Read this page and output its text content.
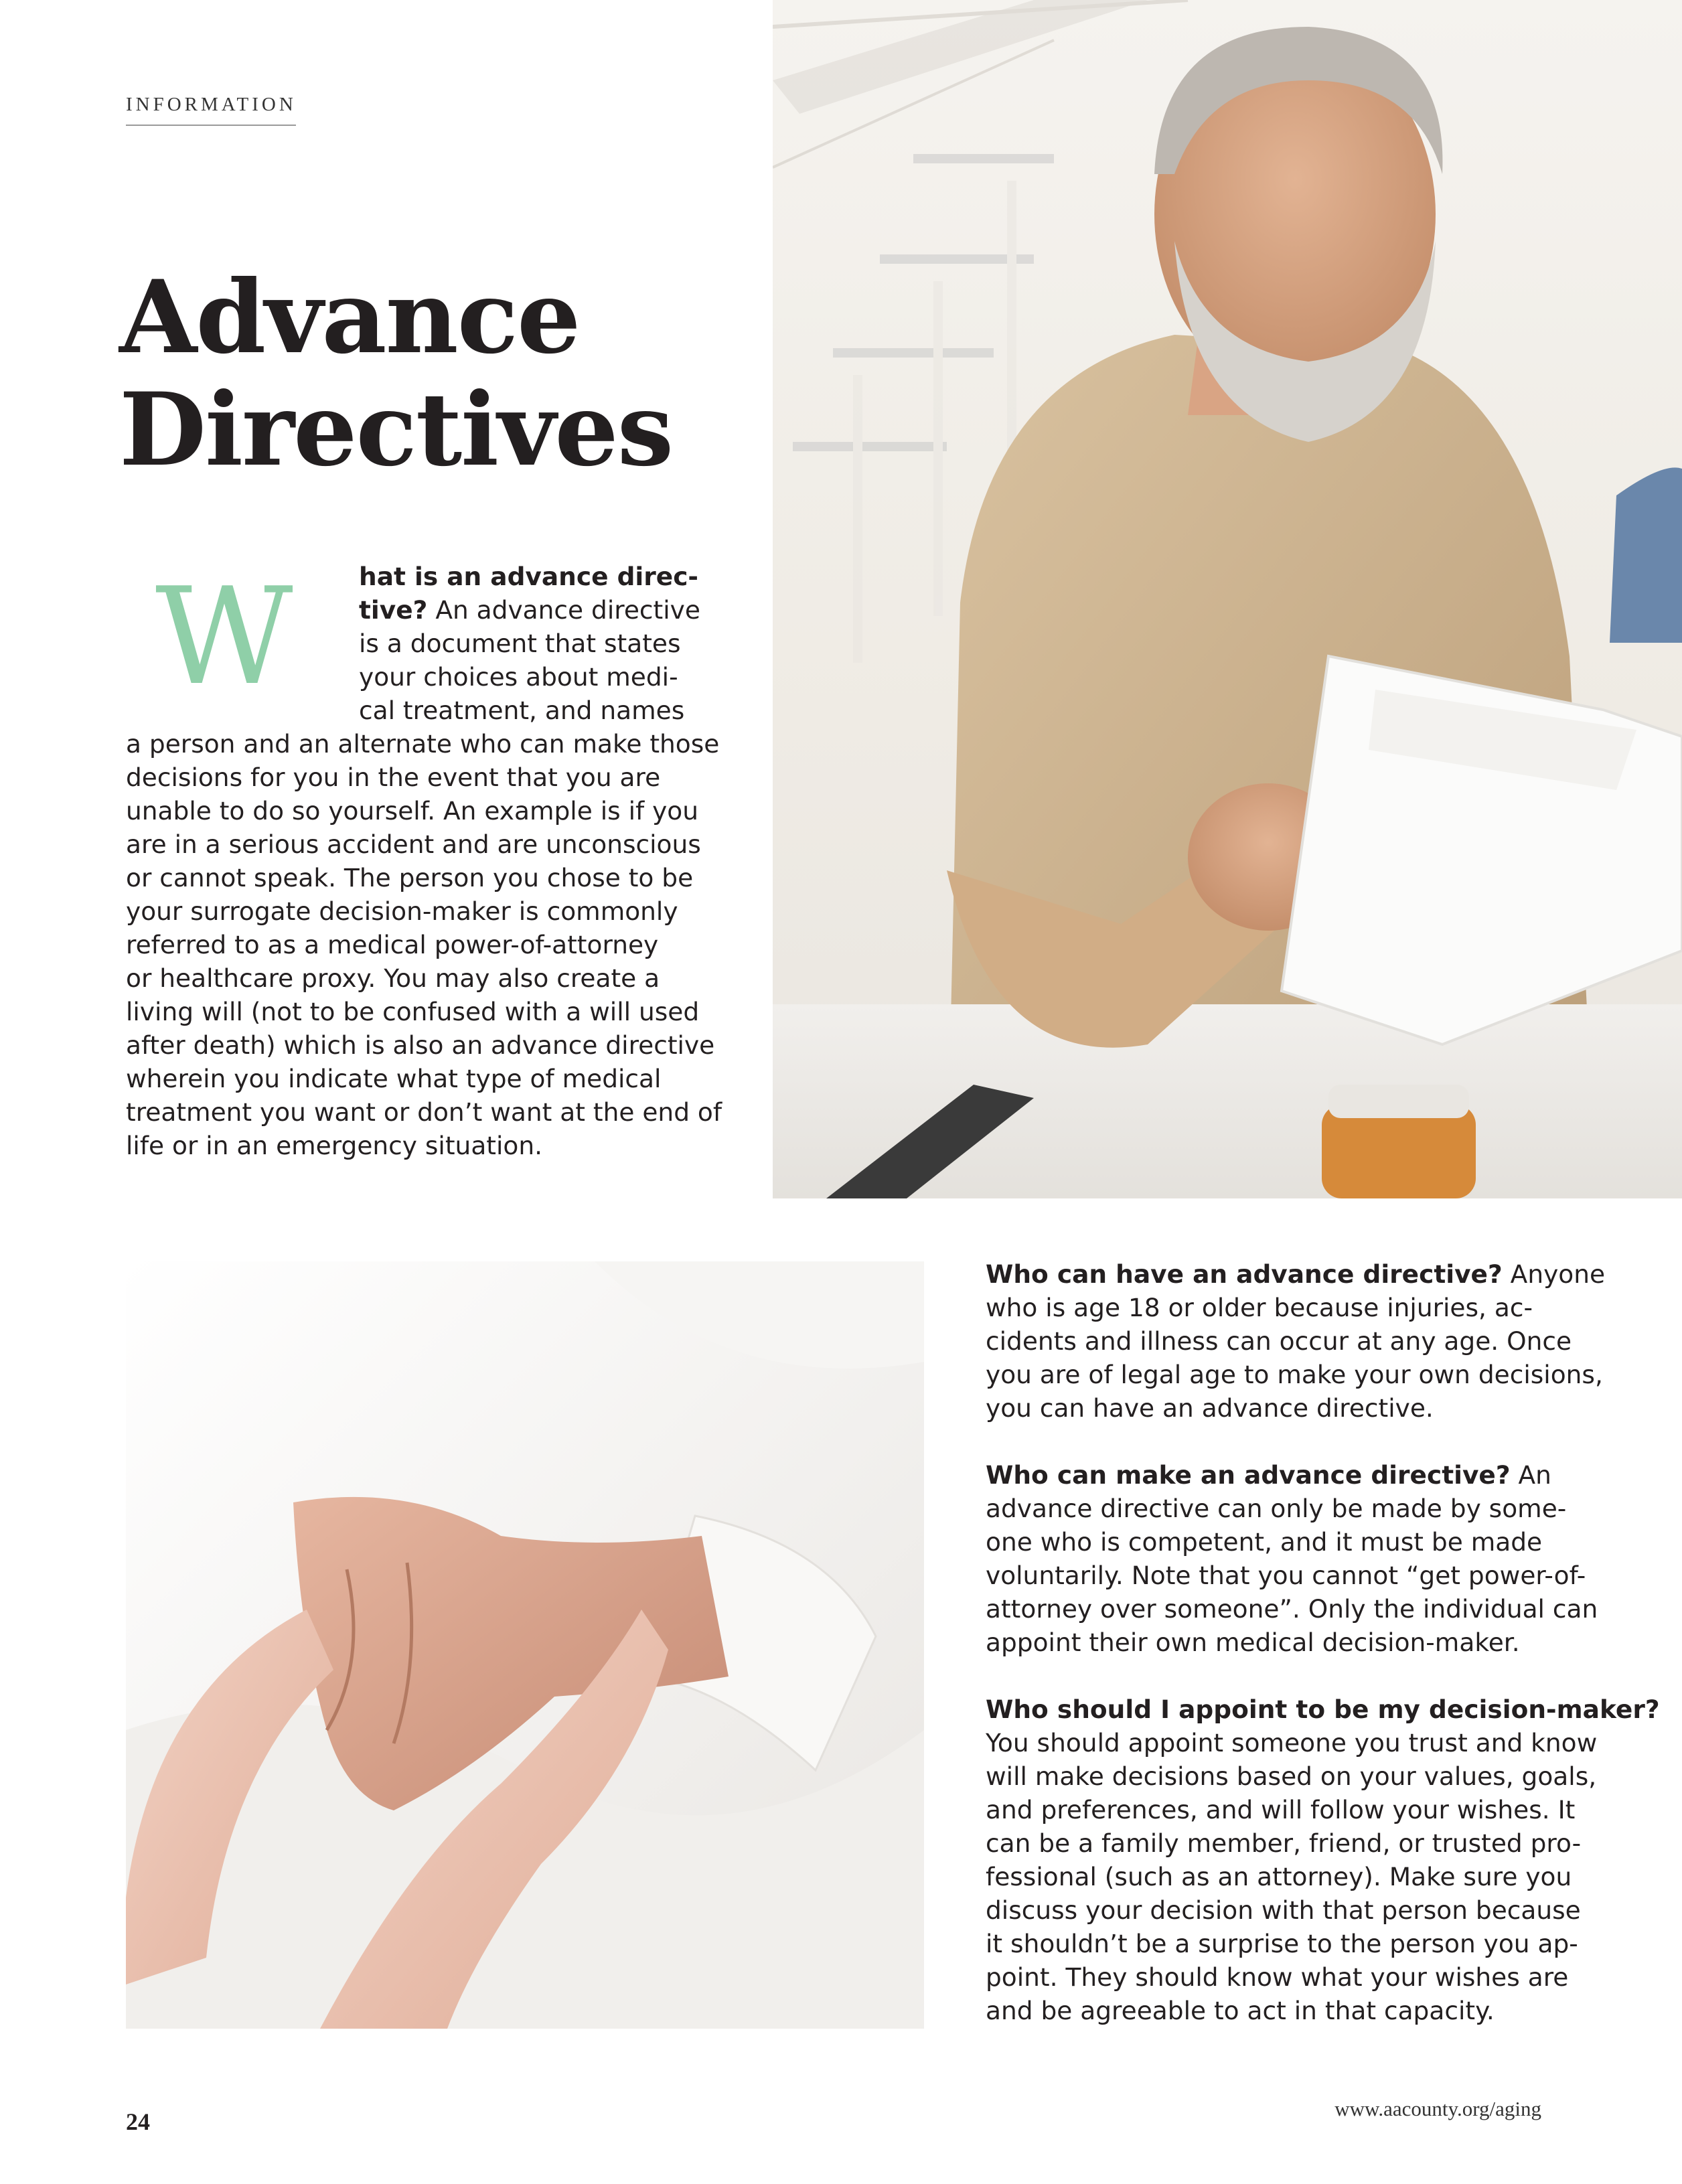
INFORMATION
Advance
Directives
W	hat is an advance direc-
tive? An advance directive
is a document that states
your choices about medi-
cal treatment, and names
a person and an alternate who can make those
decisions for you in the event that you are
unable to do so yourself. An example is if you
are in a serious accident and are unconscious
or cannot speak. The person you chose to be
your surrogate decision-maker is commonly
referred to as a medical power-of-attorney
or healthcare proxy. You may also create a
living will (not to be confused with a will used
after death) which is also an advance directive
wherein you indicate what type of medical
treatment you want or don’t want at the end of
life or in an emergency situation.
Who can have an advance directive? Anyone
who is age 18 or older because injuries, ac-
cidents and illness can occur at any age. Once
you are of legal age to make your own decisions,
you can have an advance directive.
Who can make an advance directive? An
advance directive can only be made by some-
one who is competent, and it must be made
voluntarily. Note that you cannot “get power-of-
attorney over someone”. Only the individual can
appoint their own medical decision-maker.
Who should I appoint to be my decision-maker?
You should appoint someone you trust and know
will make decisions based on your values, goals,
and preferences, and will follow your wishes. It
can be a family member, friend, or trusted pro-
fessional (such as an attorney). Make sure you
discuss your decision with that person because
it shouldn’t be a surprise to the person you ap-
point. They should know what your wishes are
and be agreeable to act in that capacity.
24	www.aacounty.org/aging
